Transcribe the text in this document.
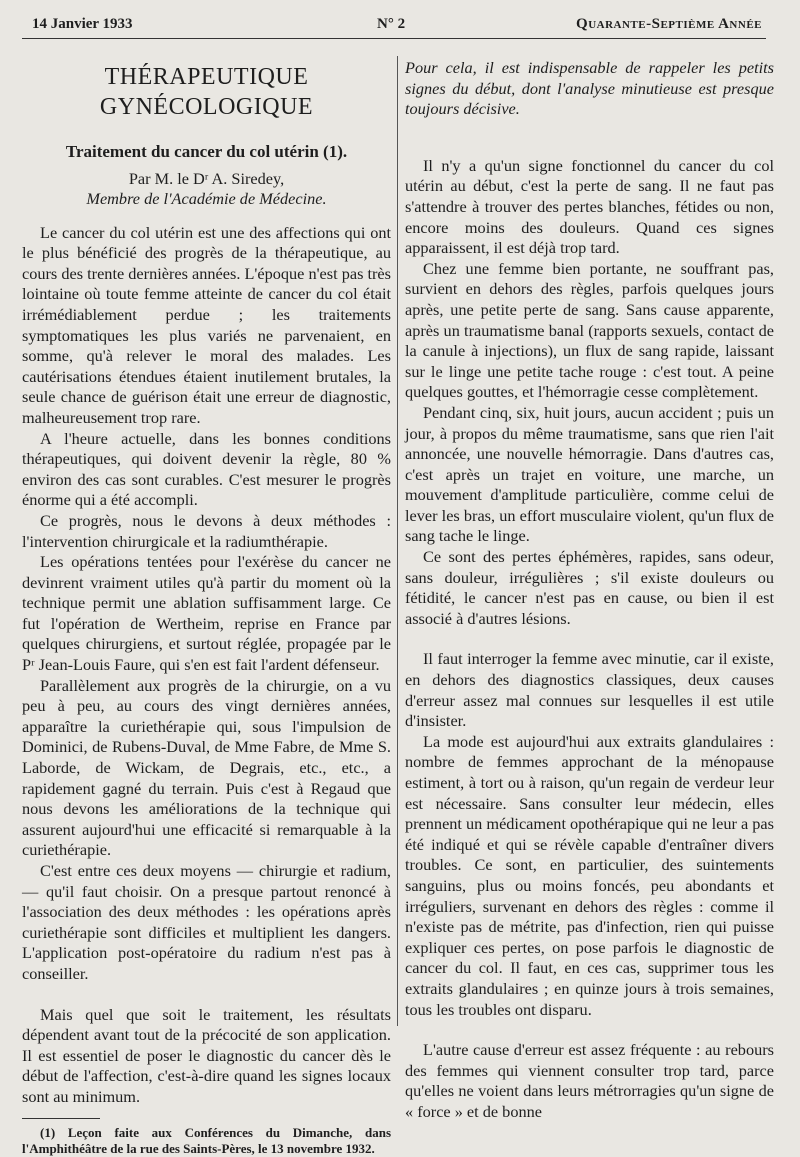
14 Janvier 1933	N° 2	Quarante-Septième Année
THÉRAPEUTIQUE GYNÉCOLOGIQUE
Traitement du cancer du col utérin (1).

Par M. le Dʳ A. Siredey,

Membre de l'Académie de Médecine.

Le cancer du col utérin est une des affections qui ont le plus bénéficié des progrès de la thérapeutique, au cours des trente dernières années. L'époque n'est pas très lointaine où toute femme atteinte de cancer du col était irrémédiablement perdue ; les traitements symptomatiques les plus variés ne parvenaient, en somme, qu'à relever le moral des malades. Les cautérisations étendues étaient inutilement brutales, la seule chance de guérison était une erreur de diagnostic, malheureusement trop rare.

A l'heure actuelle, dans les bonnes conditions thérapeutiques, qui doivent devenir la règle, 80 % environ des cas sont curables. C'est mesurer le progrès énorme qui a été accompli.

Ce progrès, nous le devons à deux méthodes : l'intervention chirurgicale et la radiumthérapie.

Les opérations tentées pour l'exérèse du cancer ne devinrent vraiment utiles qu'à partir du moment où la technique permit une ablation suffisamment large. Ce fut l'opération de Wertheim, reprise en France par quelques chirurgiens, et surtout réglée, propagée par le Pʳ Jean-Louis Faure, qui s'en est fait l'ardent défenseur.

Parallèlement aux progrès de la chirurgie, on a vu peu à peu, au cours des vingt dernières années, apparaître la curiethérapie qui, sous l'impulsion de Dominici, de Rubens-Duval, de Mme Fabre, de Mme S. Laborde, de Wickam, de Degrais, etc., etc., a rapidement gagné du terrain. Puis c'est à Regaud que nous devons les améliorations de la technique qui assurent aujourd'hui une efficacité si remarquable à la curiethérapie.

C'est entre ces deux moyens — chirurgie et radium, — qu'il faut choisir. On a presque partout renoncé à l'association des deux méthodes : les opérations après curiethérapie sont difficiles et multiplient les dangers. L'application post-opératoire du radium n'est pas à conseiller.

Mais quel que soit le traitement, les résultats dépendent avant tout de la précocité de son application. Il est essentiel de poser le diagnostic du cancer dès le début de l'affection, c'est-à-dire quand les signes locaux sont au minimum.

(1) Leçon faite aux Conférences du Dimanche, dans l'Amphithéâtre de la rue des Saints-Pères, le 13 novembre 1932.

Pour cela, il est indispensable de rappeler les petits signes du début, dont l'analyse minutieuse est presque toujours décisive.

Il n'y a qu'un signe fonctionnel du cancer du col utérin au début, c'est la perte de sang. Il ne faut pas s'attendre à trouver des pertes blanches, fétides ou non, encore moins des douleurs. Quand ces signes apparaissent, il est déjà trop tard.

Chez une femme bien portante, ne souffrant pas, survient en dehors des règles, parfois quelques jours après, une petite perte de sang. Sans cause apparente, après un traumatisme banal (rapports sexuels, contact de la canule à injections), un flux de sang rapide, laissant sur le linge une petite tache rouge : c'est tout. A peine quelques gouttes, et l'hémorragie cesse complètement.

Pendant cinq, six, huit jours, aucun accident ; puis un jour, à propos du même traumatisme, sans que rien l'ait annoncée, une nouvelle hémorragie. Dans d'autres cas, c'est après un trajet en voiture, une marche, un mouvement d'amplitude particulière, comme celui de lever les bras, un effort musculaire violent, qu'un flux de sang tache le linge.

Ce sont des pertes éphémères, rapides, sans odeur, sans douleur, irrégulières ; s'il existe douleurs ou fétidité, le cancer n'est pas en cause, ou bien il est associé à d'autres lésions.

Il faut interroger la femme avec minutie, car il existe, en dehors des diagnostics classiques, deux causes d'erreur assez mal connues sur lesquelles il est utile d'insister.

La mode est aujourd'hui aux extraits glandulaires : nombre de femmes approchant de la ménopause estiment, à tort ou à raison, qu'un regain de verdeur leur est nécessaire. Sans consulter leur médecin, elles prennent un médicament opothérapique qui ne leur a pas été indiqué et qui se révèle capable d'entraîner divers troubles. Ce sont, en particulier, des suintements sanguins, plus ou moins foncés, peu abondants et irréguliers, survenant en dehors des règles : comme il n'existe pas de métrite, pas d'infection, rien qui puisse expliquer ces pertes, on pose parfois le diagnostic de cancer du col. Il faut, en ces cas, supprimer tous les extraits glandulaires ; en quinze jours à trois semaines, tous les troubles ont disparu.

L'autre cause d'erreur est assez fréquente : au rebours des femmes qui viennent consulter trop tard, parce qu'elles ne voient dans leurs métrorragies qu'un signe de « force » et de bonne
